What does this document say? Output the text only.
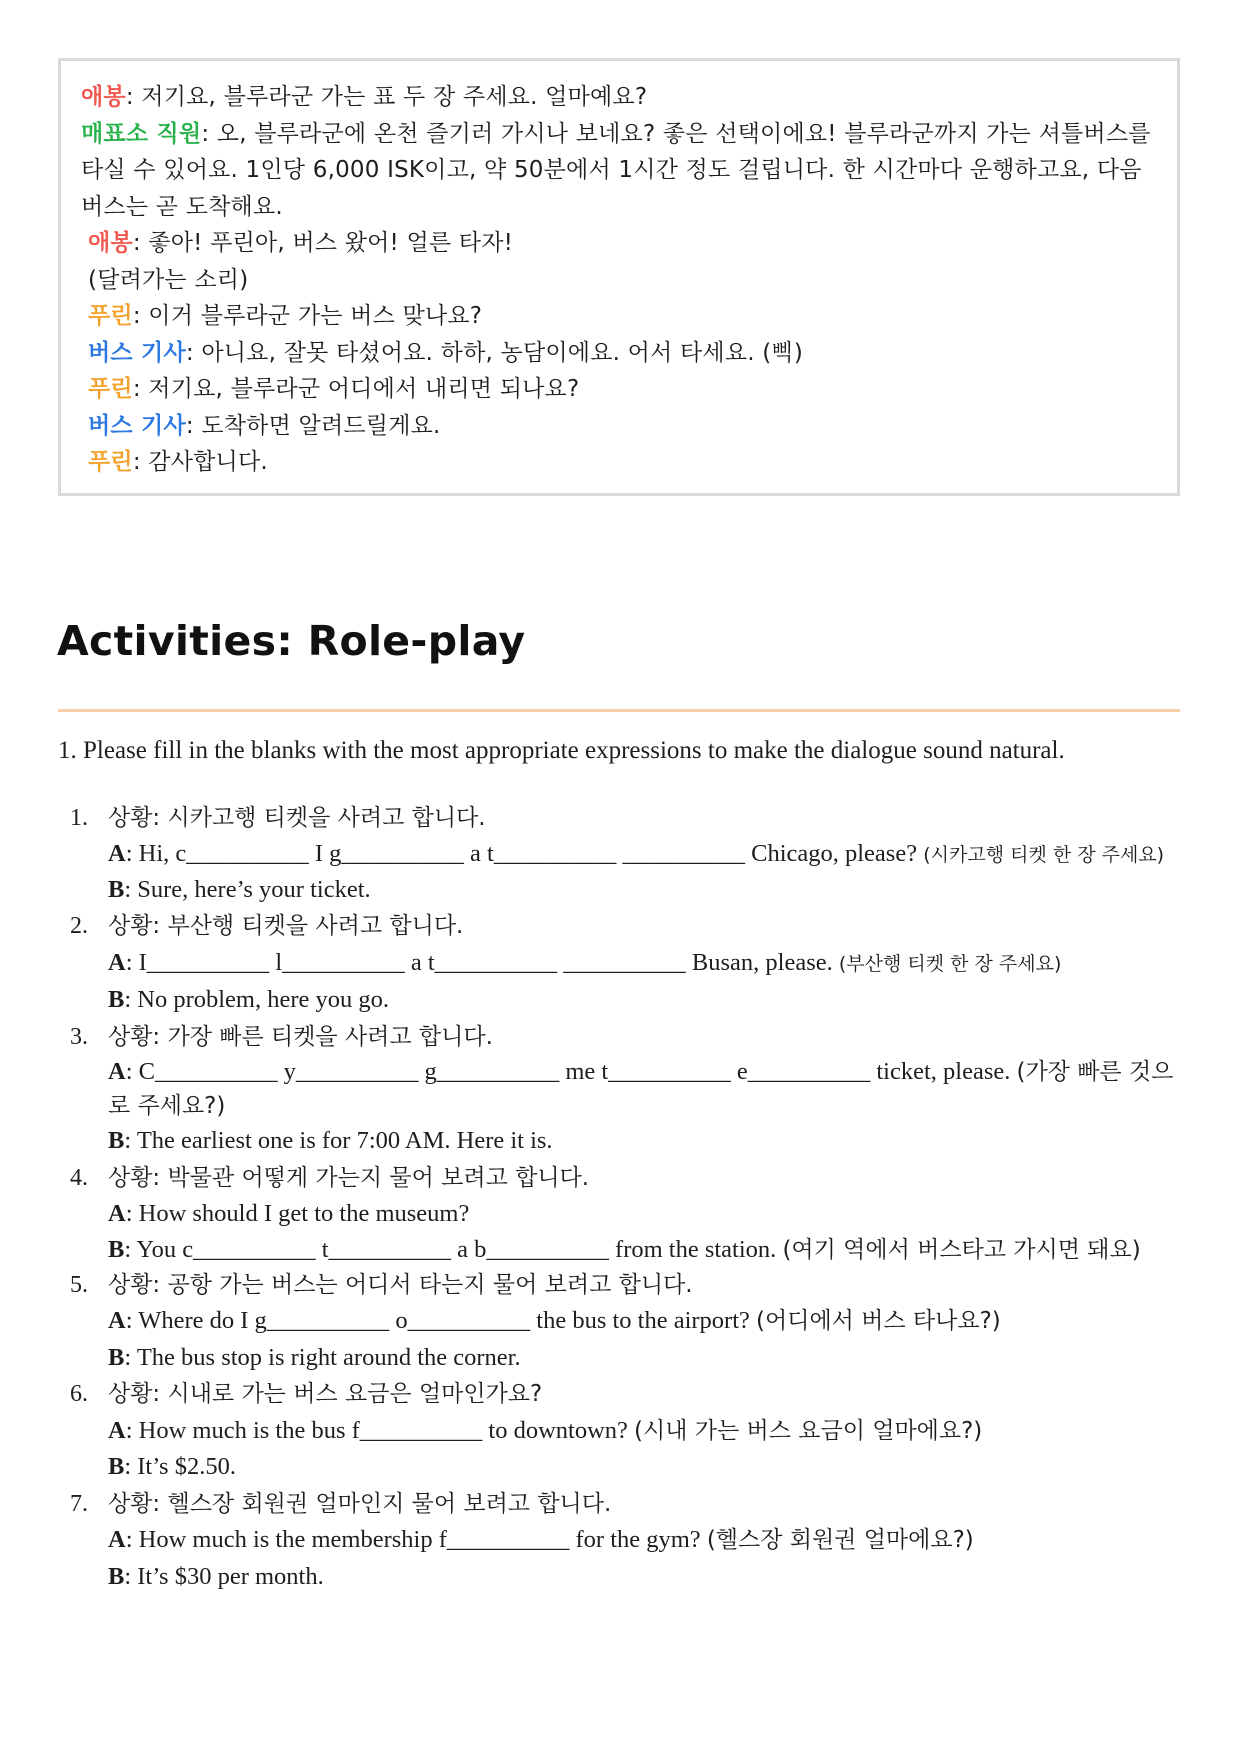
애봉: 저기요, 블루라군 가는 표 두 장 주세요. 얼마예요?
매표소 직원: 오, 블루라군에 온천 즐기러 가시나 보네요? 좋은 선택이에요! 블루라군까지 가는 셔틀버스를 타실 수 있어요. 1인당 6,000 ISK이고, 약 50분에서 1시간 정도 걸립니다. 한 시간마다 운행하고요, 다음 버스는 곧 도착해요.
애봉: 좋아! 푸린아, 버스 왔어! 얼른 타자!
(달려가는 소리)
푸린: 이거 블루라군 가는 버스 맞나요?
버스 기사: 아니요, 잘못 타셨어요. 하하, 농담이에요. 어서 타세요. (삑)
푸린: 저기요, 블루라군 어디에서 내리면 되나요?
버스 기사: 도착하면 알려드릴게요.
푸린: 감사합니다.
Activities: Role-play
1. Please fill in the blanks with the most appropriate expressions to make the dialogue sound natural.
1. 상황: 시카고행 티켓을 사려고 합니다.
A: Hi, c__________ I g__________ a t__________ __________ Chicago, please? (시카고행 티켓 한 장 주세요)
B: Sure, here’s your ticket.
2. 상황: 부산행 티켓을 사려고 합니다.
A: I__________ l__________ a t__________ __________ Busan, please. (부산행 티켓 한 장 주세요)
B: No problem, here you go.
3. 상황: 가장 빠른 티켓을 사려고 합니다.
A: C__________ y__________ g__________ me t__________ e__________ ticket, please. (가장 빠른 것으로 주세요?)
B: The earliest one is for 7:00 AM. Here it is.
4. 상황: 박물관 어떻게 가는지 물어 보려고 합니다.
A: How should I get to the museum?
B: You c__________ t__________ a b__________ from the station. (여기 역에서 버스타고 가시면 돼요)
5. 상황: 공항 가는 버스는 어디서 타는지 물어 보려고 합니다.
A: Where do I g__________ o__________ the bus to the airport? (어디에서 버스 타나요?)
B: The bus stop is right around the corner.
6. 상황: 시내로 가는 버스 요금은 얼마인가요?
A: How much is the bus f__________ to downtown? (시내 가는 버스 요금이 얼마에요?)
B: It’s $2.50.
7. 상황: 헬스장 회원권 얼마인지 물어 보려고 합니다.
A: How much is the membership f__________ for the gym? (헬스장 회원권 얼마에요?)
B: It’s $30 per month.
